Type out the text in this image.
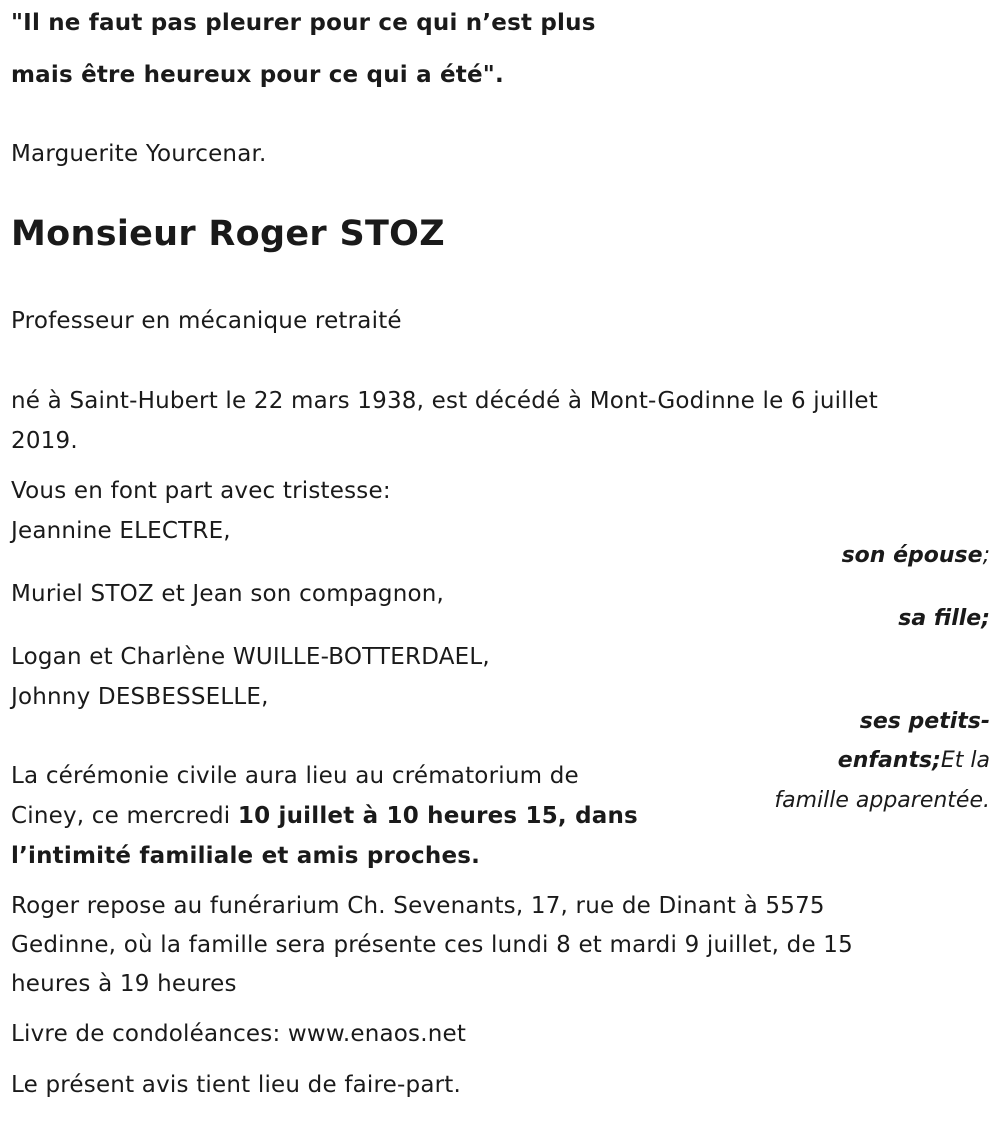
"Il ne faut pas pleurer pour ce qui n’est plus
mais être heureux pour ce qui a été".
Marguerite Yourcenar.
Monsieur Roger STOZ
Professeur en mécanique retraité
né à Saint-Hubert le 22 mars 1938, est décédé à Mont-Godinne le 6 juillet
2019.
Vous en font part avec tristesse:
Jeannine ELECTRE,
son épouse;
Muriel STOZ et Jean son compagnon,
sa fille;
Logan et Charlène WUILLE-BOTTERDAEL,
Johnny DESBESSELLE,
ses petits-
enfants;Et la
famille apparentée.
La cérémonie civile aura lieu au crématorium de
Ciney, ce mercredi 10 juillet à 10 heures 15, dans
l’intimité familiale et amis proches.
Roger repose au funérarium Ch. Sevenants, 17, rue de Dinant à 5575
Gedinne, où la famille sera présente ces lundi 8 et mardi 9 juillet, de 15
heures à 19 heures
Livre de condoléances: www.enaos.net
Le présent avis tient lieu de faire-part.
